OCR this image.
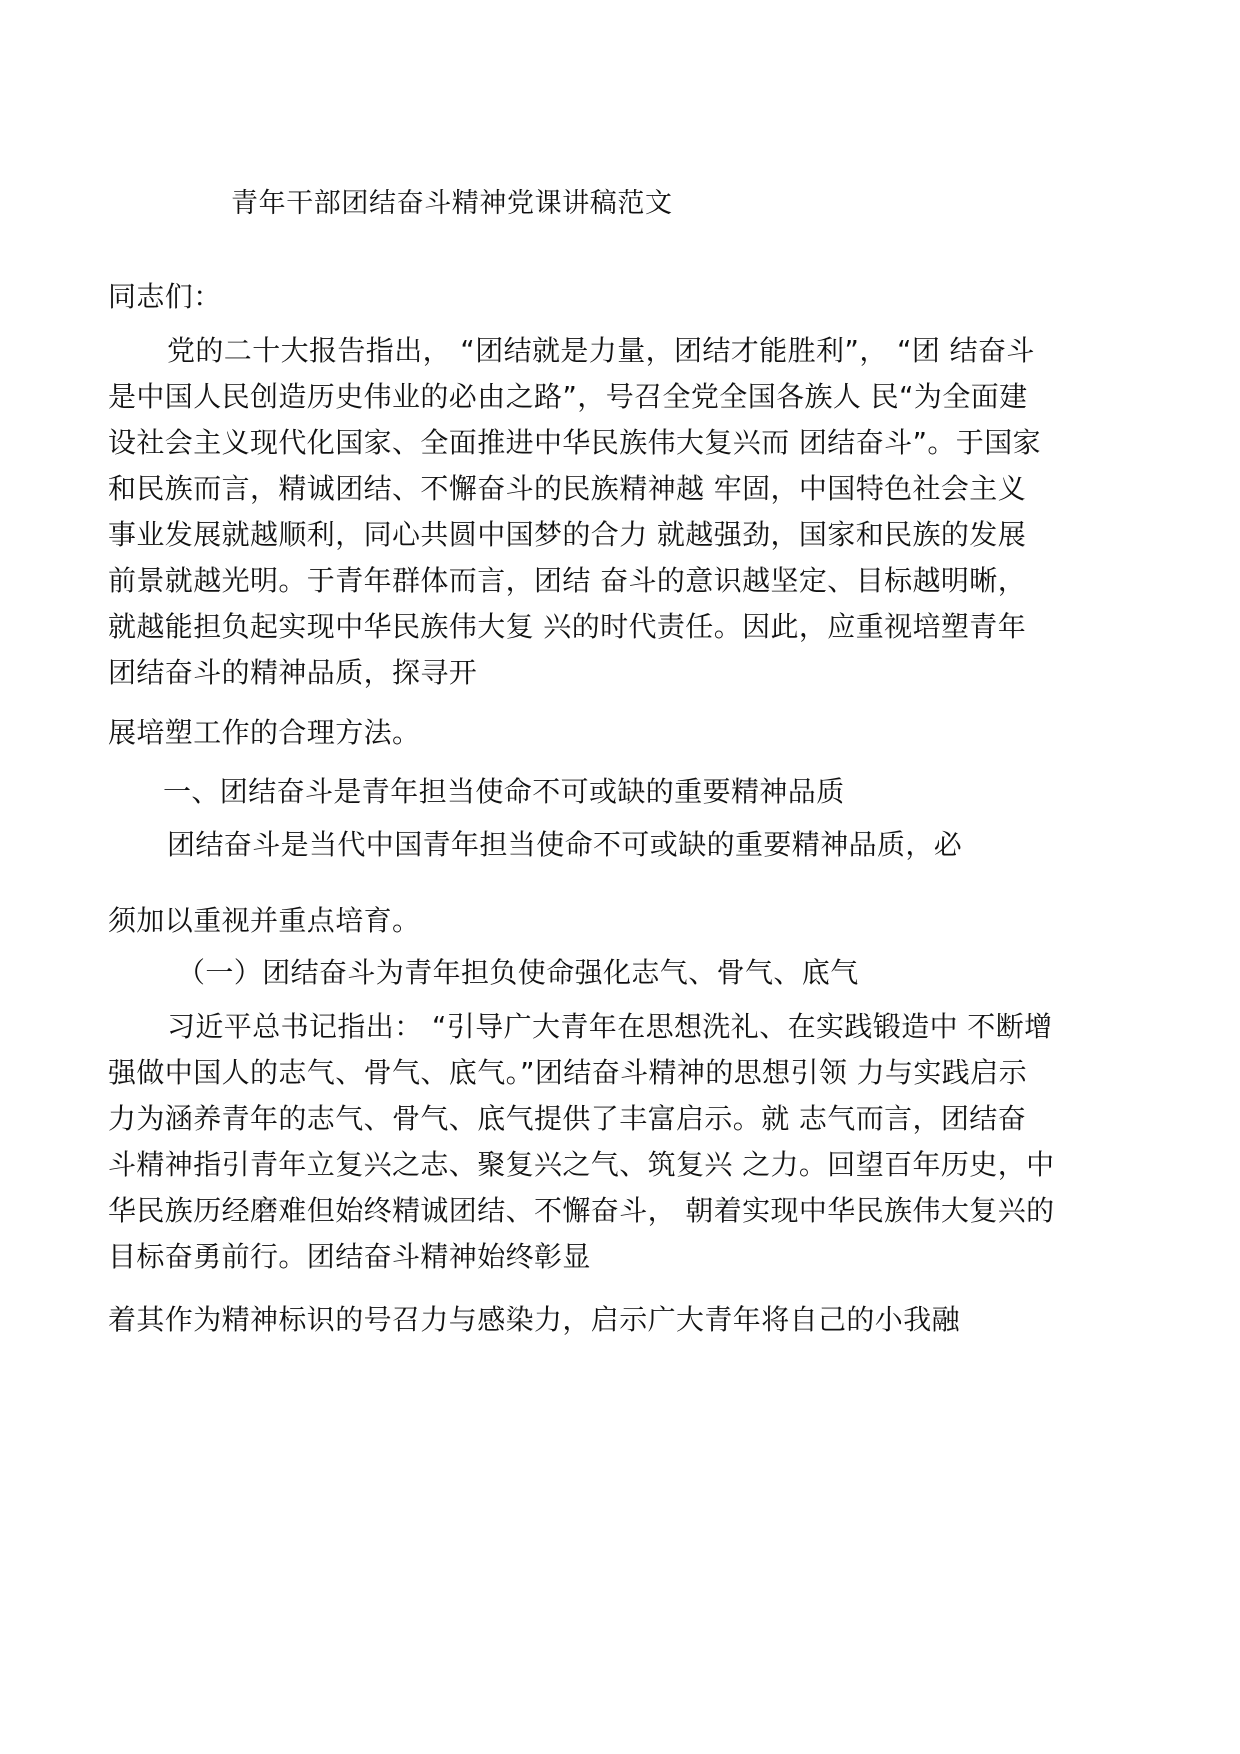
青年干部团结奋斗精神党课讲稿范文

同志们：

党的二十大报告指出， “团结就是力量，团结才能胜利”， “团 结奋斗

是中国人民创造历史伟业的必由之路”，号召全党全国各族人 民“为全面建

设社会主义现代化国家、全面推进中华民族伟大复兴而 团结奋斗”。于国家

和民族而言，精诚团结、不懈奋斗的民族精神越 牢固，中国特色社会主义

事业发展就越顺利，同心共圆中国梦的合力 就越强劲，国家和民族的发展

前景就越光明。于青年群体而言，团结 奋斗的意识越坚定、目标越明晰，

就越能担负起实现中华民族伟大复 兴的时代责任。因此，应重视培塑青年

团结奋斗的精神品质，探寻开

展培塑工作的合理方法。

一、团结奋斗是青年担当使命不可或缺的重要精神品质

团结奋斗是当代中国青年担当使命不可或缺的重要精神品质，必

须加以重视并重点培育。

（一）团结奋斗为青年担负使命强化志气、骨气、底气

习近平总书记指出： “引导广大青年在思想洗礼、在实践锻造中 不断增

强做中国人的志气、骨气、底气。”团结奋斗精神的思想引领 力与实践启示

力为涵养青年的志气、骨气、底气提供了丰富启示。就 志气而言，团结奋

斗精神指引青年立复兴之志、聚复兴之气、筑复兴 之力。回望百年历史，中

华民族历经磨难但始终精诚团结、不懈奋斗， 朝着实现中华民族伟大复兴的

目标奋勇前行。团结奋斗精神始终彰显

着其作为精神标识的号召力与感染力，启示广大青年将自己的小我融
